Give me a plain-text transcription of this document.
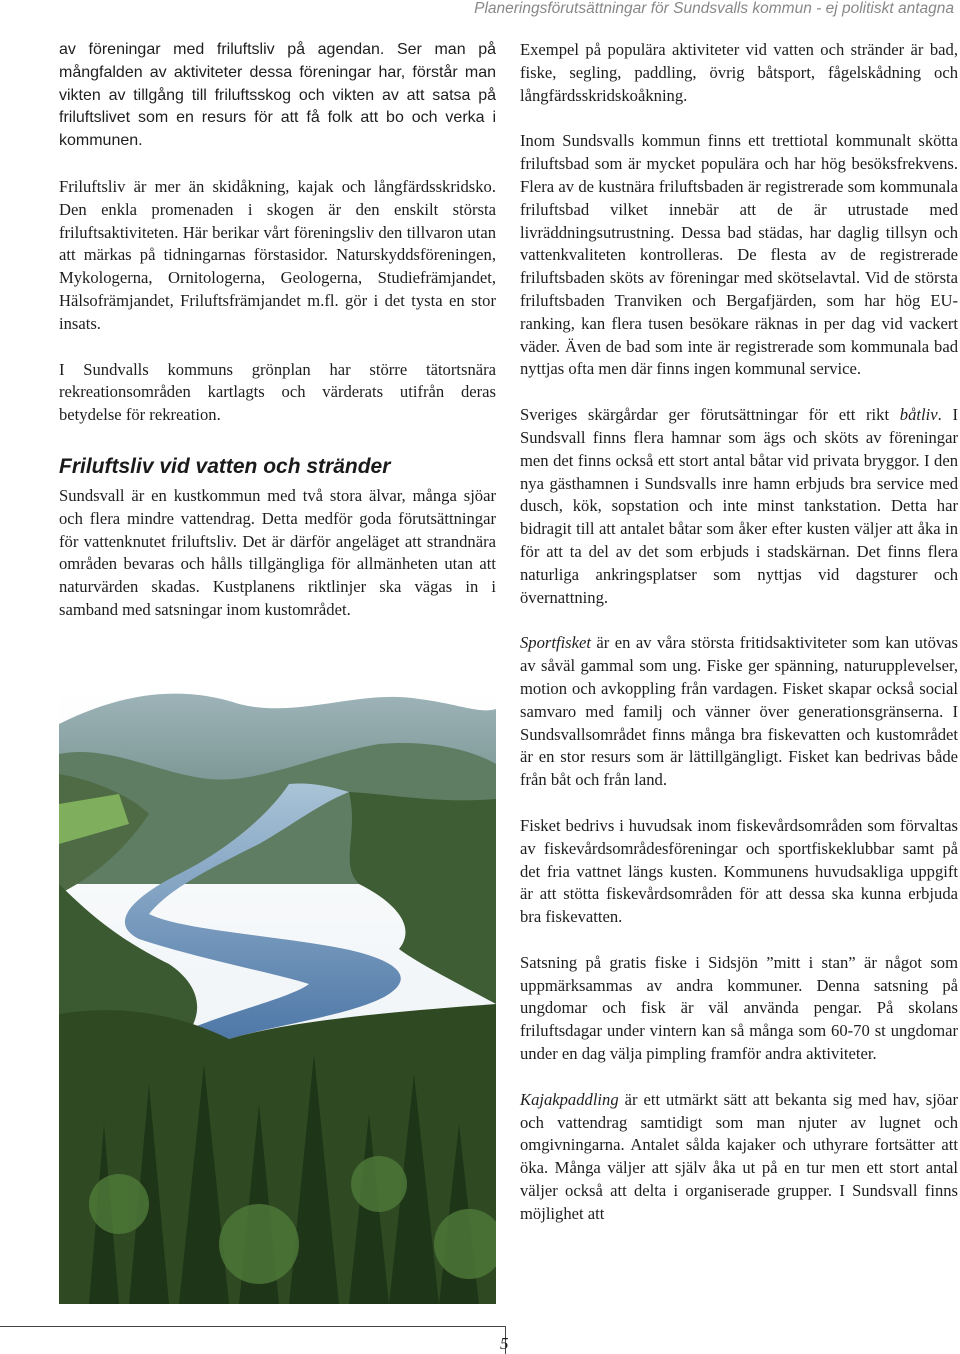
Planeringsförutsättningar för Sundsvalls kommun - ej politiskt antagna

av föreningar med friluftsliv på agendan. Ser man på mångfalden av aktiviteter dessa föreningar har, förstår man vikten av tillgång till friluftsskog och vikten av att satsa på friluftslivet som en resurs för att få folk att bo och verka i kommunen.

Friluftsliv är mer än skidåkning, kajak och långfärdsskridsko. Den enkla promenaden i skogen är den enskilt största friluftsaktiviteten. Här berikar vårt föreningsliv den tillvaron utan att märkas på tidningarnas förstasidor. Naturskyddsföreningen, Mykologerna, Ornitologerna, Geologerna, Studiefrämjandet, Hälsofrämjandet, Friluftsfrämjandet m.fl. gör i det tysta en stor insats.

I Sundvalls kommuns grönplan har större tätortsnära rekreationsområden kartlagts och värderats utifrån deras betydelse för rekreation.

Friluftsliv vid vatten och stränder

Sundsvall är en kustkommun med två stora älvar, många sjöar och flera mindre vattendrag. Detta medför goda förutsättningar för vattenknutet friluftsliv. Det är därför angeläget att strandnära områden bevaras och hålls tillgängliga för allmänheten utan att naturvärden skadas. Kustplanens riktlinjer ska vägas in i samband med satsningar inom kustområdet.

Exempel på populära aktiviteter vid vatten och stränder är bad, fiske, segling, paddling, övrig båtsport, fågelskådning och långfärdsskridskoåkning.

Inom Sundsvalls kommun finns ett trettiotal kommunalt skötta friluftsbad som är mycket populära och har hög besöksfrekvens. Flera av de kustnära friluftsbaden är registrerade som kommunala friluftsbad vilket innebär att de är utrustade med livräddningsutrustning. Dessa bad städas, har daglig tillsyn och vattenkvaliteten kontrolleras. De flesta av de registrerade friluftsbaden sköts av föreningar med skötselavtal. Vid de största friluftsbaden Tranviken och Bergafjärden, som har hög EU-ranking, kan flera tusen besökare räknas in per dag vid vackert väder. Även de bad som inte är registrerade som kommunala bad nyttjas ofta men där finns ingen kommunal service.

Sveriges skärgårdar ger förutsättningar för ett rikt båtliv. I Sundsvall finns flera hamnar som ägs och sköts av föreningar men det finns också ett stort antal båtar vid privata bryggor. I den nya gästhamnen i Sundsvalls inre hamn erbjuds bra service med dusch, kök, sopstation och inte minst tankstation. Detta har bidragit till att antalet båtar som åker efter kusten väljer att åka in för att ta del av det som erbjuds i stadskärnan. Det finns flera naturliga ankringsplatser som nyttjas vid dagsturer och övernattning.

Sportfisket är en av våra största fritidsaktiviteter som kan utövas av såväl gammal som ung. Fiske ger spänning, naturupplevelser, motion och avkoppling från vardagen. Fisket skapar också social samvaro med familj och vänner över generationsgränserna. I Sundsvallsområdet finns många bra fiskevatten och kustområdet är en stor resurs som är lättillgängligt. Fisket kan bedrivas både från båt och från land.

Fisket bedrivs i huvudsak inom fiskevårdsområden som förvaltas av fiskevårdsområdesföreningar och sportfiskeklubbar samt på det fria vattnet längs kusten. Kommunens huvudsakliga uppgift är att stötta fiskevårdsområden för att dessa ska kunna erbjuda bra fiskevatten.

Satsning på gratis fiske i Sidsjön ”mitt i stan” är något som uppmärksammas av andra kommuner. Denna satsning på ungdomar och fisk är väl använda pengar. På skolans friluftsdagar under vintern kan så många som 60-70 st ungdomar under en dag välja pimpling framför andra aktiviteter.

Kajakpaddling är ett utmärkt sätt att bekanta sig med hav, sjöar och vattendrag samtidigt som man njuter av lugnet och omgivningarna. Antalet sålda kajaker och uthyrare fortsätter att öka. Många väljer att själv åka ut på en tur men ett stort antal väljer också att delta i organiserade grupper. I Sundsvall finns möjlighet att

5
